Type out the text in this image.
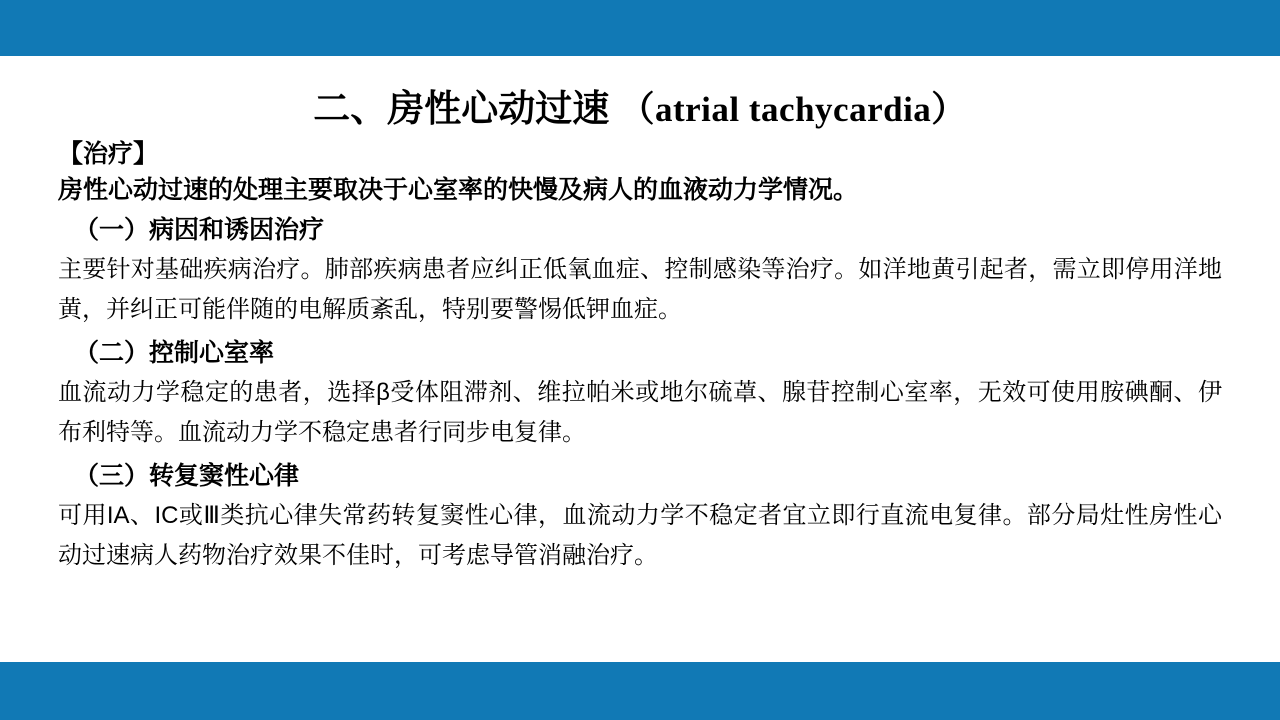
二、房性心动过速 （atrial tachycardia）
【治疗】
房性心动过速的处理主要取决于心室率的快慢及病人的血液动力学情况。
（一）病因和诱因治疗
主要针对基础疾病治疗。肺部疾病患者应纠正低氧血症、控制感染等治疗。如洋地黄引起者，需立即停用洋地黄，并纠正可能伴随的电解质紊乱，特别要警惕低钾血症。
（二）控制心室率
血流动力学稳定的患者，选择β受体阻滞剂、维拉帕米或地尔硫䓬、腺苷控制心室率，无效可使用胺碘酮、伊布利特等。血流动力学不稳定患者行同步电复律。
（三）转复窦性心律
可用IA、IC或Ⅲ类抗心律失常药转复窦性心律，血流动力学不稳定者宜立即行直流电复律。部分局灶性房性心动过速病人药物治疗效果不佳时，可考虑导管消融治疗。
